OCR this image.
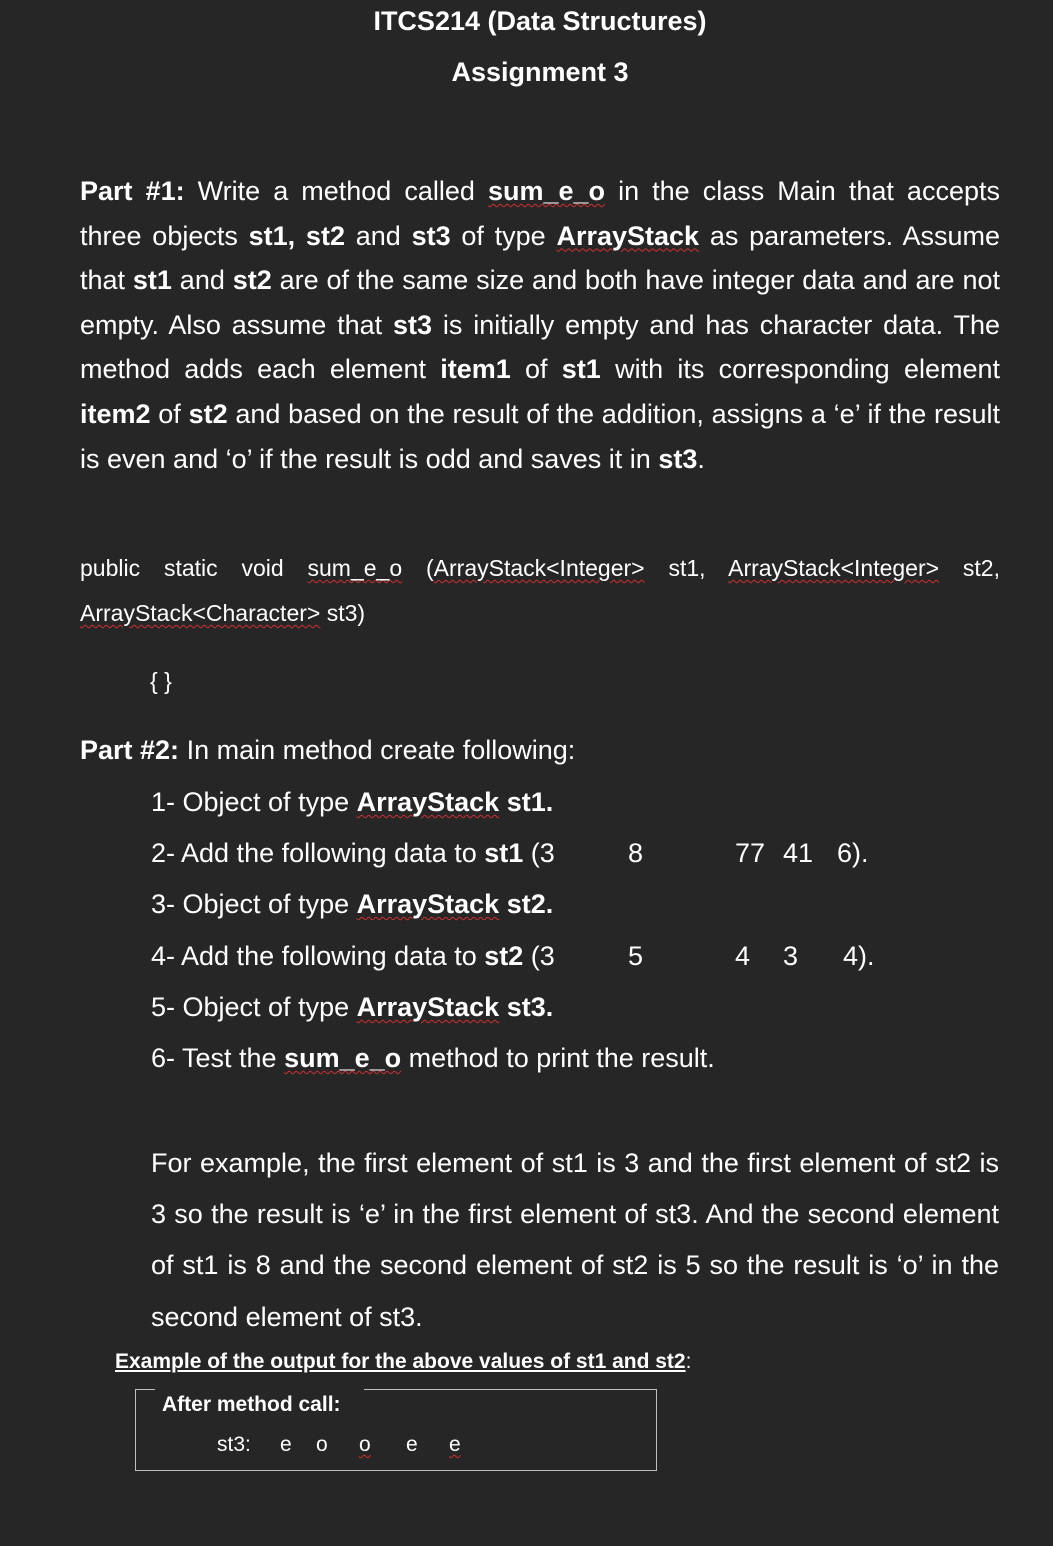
ITCS214 (Data Structures)
Assignment 3
Part #1: Write a method called sum_e_o in the class Main that accepts three objects st1, st2 and st3 of type ArrayStack as parameters. Assume that st1 and st2 are of the same size and both have integer data and are not empty. Also assume that st3 is initially empty and has character data. The method adds each element item1 of st1 with its corresponding element item2 of st2 and based on the result of the addition, assigns a ‘e’ if the result is even and ‘o’ if the result is odd and saves it in st3.
public static void sum_e_o (ArrayStack<Integer> st1, ArrayStack<Integer> st2, ArrayStack<Character> st3)
{ }
Part #2: In main method create following:
1- Object of type ArrayStack st1.
2- Add the following data to st1 (3	8	77 41 6).
3- Object of type ArrayStack st2.
4- Add the following data to st2 (3	5	4 3 4).
5- Object of type ArrayStack st3.
6- Test the sum_e_o method to print the result.
For example, the first element of st1 is 3 and the first element of st2 is 3 so the result is ‘e’ in the first element of st3. And the second element of st1 is 8 and the second element of st2 is 5 so the result is ‘o’ in the second element of st3.
Example of the output for the above values of st1 and st2:
After method call:
st3: e o o e e
